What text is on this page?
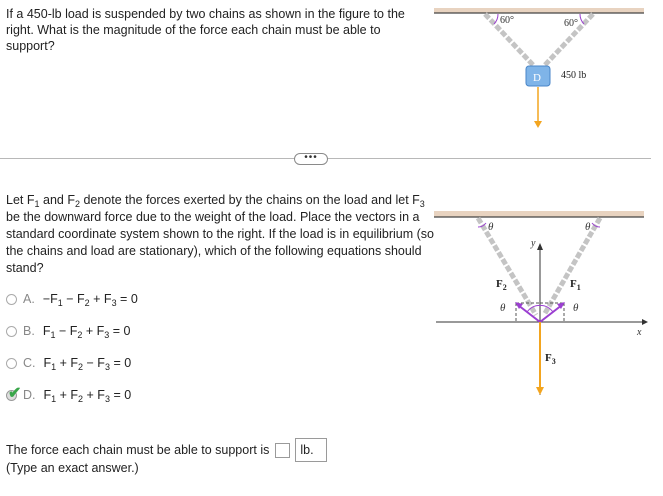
If a 450-lb load is suspended by two chains as shown in the figure to the right. What is the magnitude of the force each chain must be able to support?
60°	60°
D 450 lb
•••
Let $F_1$ and $F_2$ denote the forces exerted by the chains on the load and let $F_3$ be the downward force due to the weight of the load. Place the vectors in a standard coordinate system shown to the right. If the load is in equilibrium (so the chains and load are stationary), which of the following equations should stand?
A. $-F_1 - F_2 + F_3 = 0$
B. $F_1 - F_2 + F_3 = 0$
C. $F_1 + F_2 - F_3 = 0$
✔ D. $F_1 + F_2 + F_3 = 0$
θ	θ
x
y
$F_2$	$F_1$
$F_3$
θ	θ
The force each chain must be able to support is	lb.
(Type an exact answer.)
